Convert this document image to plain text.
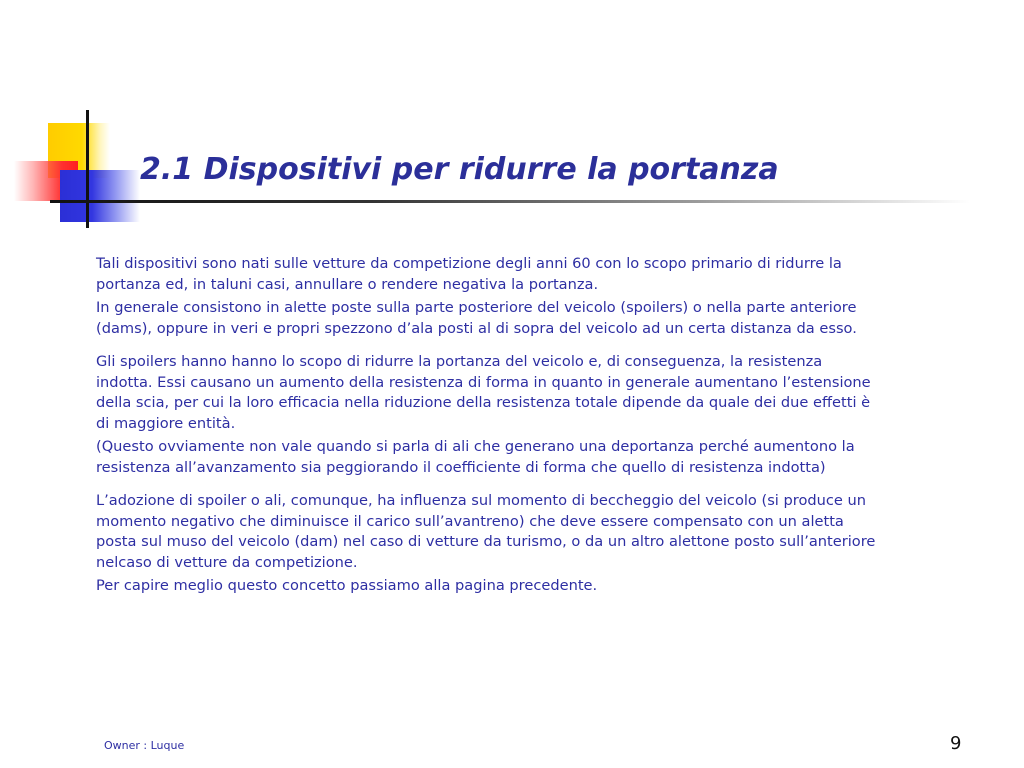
2.1 Dispositivi per ridurre la portanza

Tali dispositivi sono nati sulle vetture da competizione degli anni 60 con lo scopo primario di ridurre la portanza ed, in taluni casi, annullare o rendere negativa la portanza.

In generale consistono in alette poste sulla parte posteriore del veicolo (spoilers) o nella parte anteriore (dams), oppure in veri e propri spezzono d’ala posti al di sopra del veicolo ad un certa distanza da esso.

Gli spoilers hanno hanno lo scopo di ridurre la portanza del veicolo e, di conseguenza, la resistenza indotta. Essi causano un aumento della resistenza di forma in quanto in generale aumentano l’estensione della scia, per cui la loro efficacia nella riduzione della resistenza totale dipende da quale dei due effetti è di maggiore entità.

(Questo ovviamente non vale quando si parla di ali che generano una deportanza perché aumentono la resistenza all’avanzamento sia peggiorando il coefficiente di forma che quello di resistenza indotta)

L’adozione di spoiler o ali, comunque, ha influenza sul momento di beccheggio del veicolo (si produce un momento negativo che diminuisce il carico sull’avantreno) che deve essere compensato con un aletta posta sul muso del veicolo (dam) nel caso di vetture da turismo, o da un altro alettone posto sull’anteriore nelcaso di vetture da competizione.

Per capire meglio questo concetto passiamo alla pagina precedente.

Owner : Luque	9
